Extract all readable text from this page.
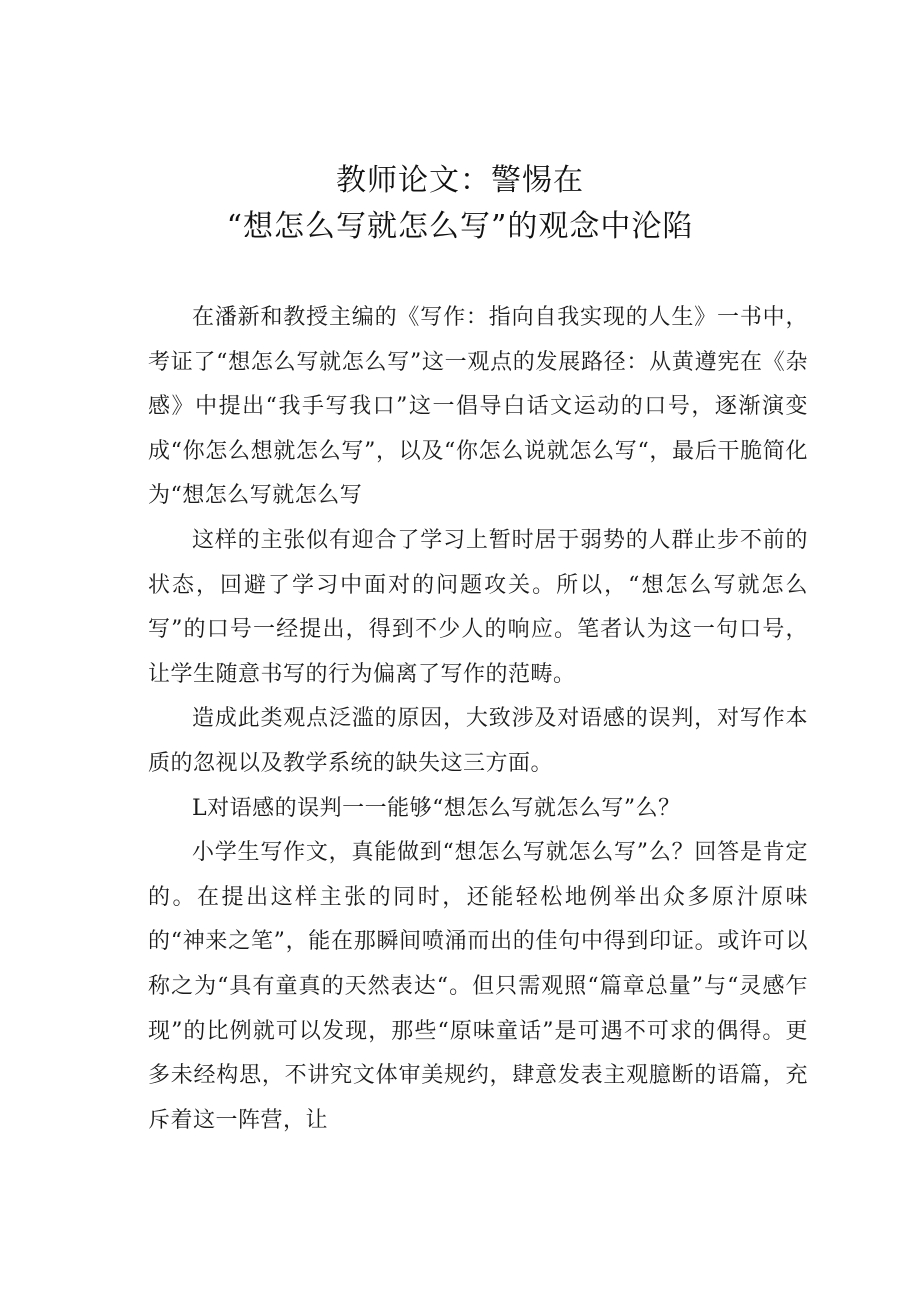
教师论文：警惕在
“想怎么写就怎么写”的观念中沦陷

在潘新和教授主编的《写作：指向自我实现的人生》一书中，考证了“想怎么写就怎么写”这一观点的发展路径：从黄遵宪在《杂感》中提出“我手写我口”这一倡导白话文运动的口号，逐渐演变成“你怎么想就怎么写”，以及“你怎么说就怎么写“，最后干脆简化为“想怎么写就怎么写

这样的主张似有迎合了学习上暂时居于弱势的人群止步不前的状态，回避了学习中面对的问题攻关。所以，“想怎么写就怎么写”的口号一经提出，得到不少人的响应。笔者认为这一句口号，让学生随意书写的行为偏离了写作的范畴。

造成此类观点泛滥的原因，大致涉及对语感的误判，对写作本质的忽视以及教学系统的缺失这三方面。

L对语感的误判一一能够“想怎么写就怎么写”么？

小学生写作文，真能做到“想怎么写就怎么写”么？回答是肯定的。在提出这样主张的同时，还能轻松地例举出众多原汁原味的“神来之笔”，能在那瞬间喷涌而出的佳句中得到印证。或许可以称之为“具有童真的天然表达“。但只需观照“篇章总量”与“灵感乍现”的比例就可以发现，那些“原味童话”是可遇不可求的偶得。更多未经构思，不讲究文体审美规约，肆意发表主观臆断的语篇，充斥着这一阵营，让
